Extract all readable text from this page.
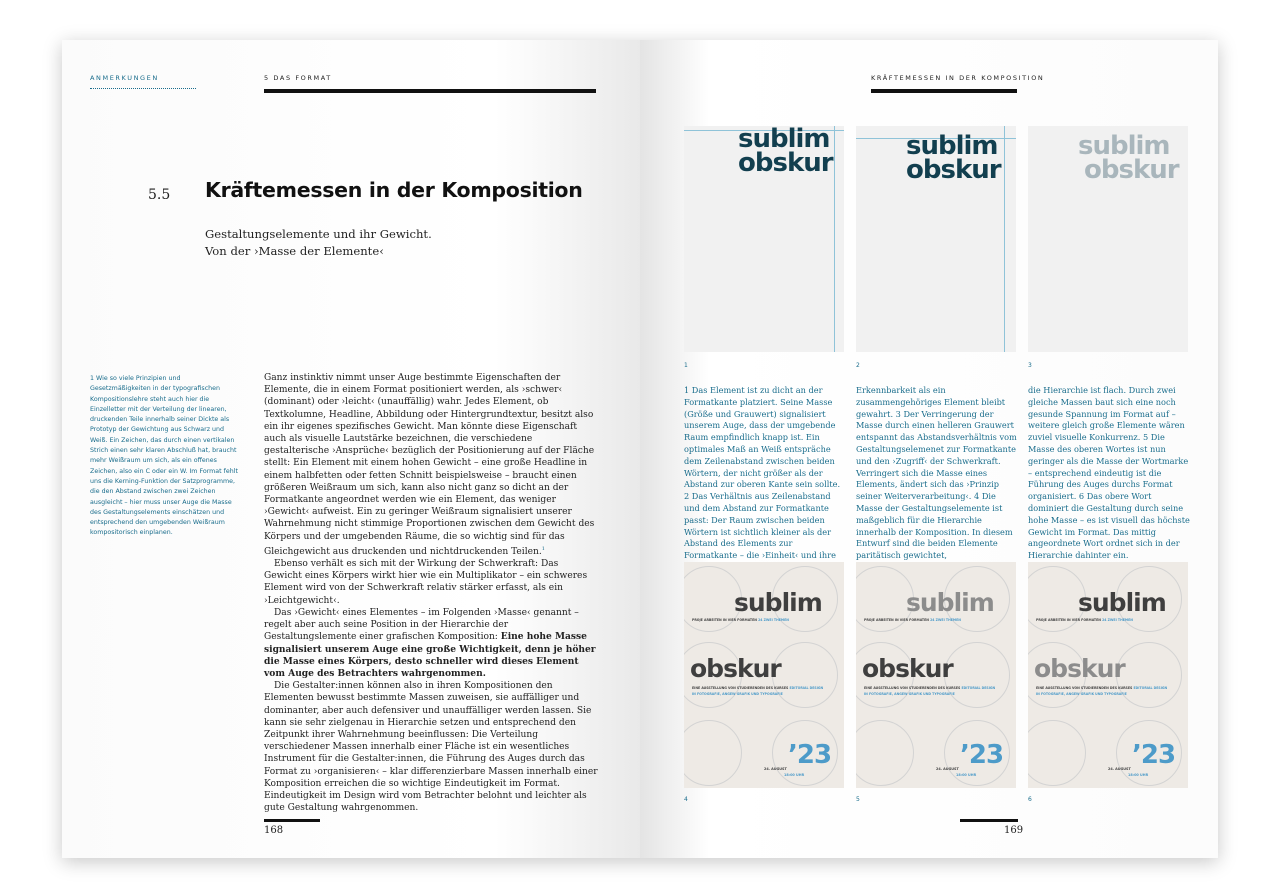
ANMERKUNGEN	5 DAS FORMAT
5.5 Kräftemessen in der Komposition
Gestaltungselemente und ihr Gewicht.
Von der ›Masse der Elemente‹
1 Wie so viele Prinzipien und Gesetzmäßigkeiten in der typografischen Kompositionslehre steht auch hier die Einzelletter mit der Verteilung der linearen, druckenden Teile innerhalb seiner Dickte als Prototyp der Gewichtung aus Schwarz und Weiß. Ein Zeichen, das durch einen vertikalen Strich einen sehr klaren Abschluß hat, braucht mehr Weißraum um sich, als ein offenes Zeichen, also ein C oder ein W. Im Format fehlt uns die Kerning-Funktion der Satzprogramme, die den Abstand zwischen zwei Zeichen ausgleicht – hier muss unser Auge die Masse des Gestaltungselements einschätzen und entsprechend den umgebenden Weißraum kompositorisch einplanen.

Ganz instinktiv nimmt unser Auge bestimmte Eigenschaften der Elemente, die in einem Format positioniert werden, als ›schwer‹ (dominant) oder ›leicht‹ (unauffällig) wahr. Jedes Element, ob Textkolumne, Headline, Abbildung oder Hintergrundtextur, besitzt also ein ihr eigenes spezifisches Gewicht. Man könnte diese Eigenschaft auch als visuelle Lautstärke bezeichnen, die verschiedene gestalterische ›Ansprüche‹ bezüglich der Positionierung auf der Fläche stellt: Ein Element mit einem hohen Gewicht – eine große Headline in einem halbfetten oder fetten Schnitt beispielsweise – braucht einen größeren Weißraum um sich, kann also nicht ganz so dicht an der Formatkante angeordnet werden wie ein Element, das weniger ›Gewicht‹ aufweist. Ein zu geringer Weißraum signalisiert unserer Wahrnehmung nicht stimmige Proportionen zwischen dem Gewicht des Körpers und der umgebenden Räume, die so wichtig sind für das Gleichgewicht aus druckenden und nichtdruckenden Teilen.$^1$

Ebenso verhält es sich mit der Wirkung der Schwerkraft: Das Gewicht eines Körpers wirkt hier wie ein Multiplikator – ein schweres Element wird von der Schwerkraft relativ stärker erfasst, als ein ›Leichtgewicht‹.

Das ›Gewicht‹ eines Elementes – im Folgenden ›Masse‹ genannt – regelt aber auch seine Position in der Hierarchie der Gestaltungslemente einer grafischen Komposition: Eine hohe Masse signalisiert unserem Auge eine große Wichtigkeit, denn je höher die Masse eines Körpers, desto schneller wird dieses Element vom Auge des Betrachters wahrgenommen.

Die Gestalter:innen können also in ihren Kompositionen den Elementen bewusst bestimmte Massen zuweisen, sie auffälliger und dominanter, aber auch defensiver und unauffälliger werden lassen. Sie kann sie sehr zielgenau in Hierarchie setzen und entsprechend den Zeitpunkt ihrer Wahrnehmung beeinflussen: Die Verteilung verschiedener Massen innerhalb einer Fläche ist ein wesentliches Instrument für die Gestalter:innen, die Führung des Auges durch das Format zu ›organisieren‹ – klar differenzierbare Massen innerhalb einer Komposition erreichen die so wichtige Eindeutigkeit im Format. Eindeutigkeit im Design wird vom Betrachter belohnt und leichter als gute Gestaltung wahrgenommen.

168
KRÄFTEMESSEN IN DER KOMPOSITION
sublim
obskur
sublim
obskur
sublim
obskur
1	2	3
1 Das Element ist zu dicht an der Formatkante platziert. Seine Masse (Größe und Grauwert) signalisiert unserem Auge, dass der umgebende Raum empfindlich knapp ist. Ein optimales Maß an Weiß entspräche dem Zeilenabstand zwischen beiden Wörtern, der nicht größer als der Abstand zur oberen Kante sein sollte. 2 Das Verhältnis aus Zeilenabstand und dem Abstand zur Formatkante passt: Der Raum zwischen beiden Wörtern ist sichtlich kleiner als der Abstand des Elements zur Formatkante – die ›Einheit‹ und ihre
Erkennbarkeit als ein zusammengehöriges Element bleibt gewahrt. 3 Der Verringerung der Masse durch einen helleren Grauwert entspannt das Abstandsverhältnis vom Gestaltungselemenet zur Formatkante und den ›Zugriff‹ der Schwerkraft. Verringert sich die Masse eines Elements, ändert sich das ›Prinzip seiner Weiterverarbeitung‹. 4 Die Masse der Gestaltungselemente ist maßgeblich für die Hierarchie innerhalb der Komposition. In diesem Entwurf sind die beiden Elemente paritätisch gewichtet,
die Hierarchie ist flach. Durch zwei gleiche Massen baut sich eine noch gesunde Spannung im Format auf – weitere gleich große Elemente wären zuviel visuelle Konkurrenz. 5 Die Masse des oberen Wortes ist nun geringer als die Masse der Wortmarke – entsprechend eindeutig ist die Führung des Auges durchs Format organisiert. 6 Das obere Wort dominiert die Gestaltung durch seine hohe Masse – es ist visuell das höchste Gewicht im Format. Das mittig angeordnete Wort ordnet sich in der Hierarchie dahinter ein.
sublim
PROJE ARBEITEN IN VIER FORMATEN 24 ZWEI THEMEN
obskur
EINE AUSSTELLUNG VON STUDIERENDEN DES KURSES EDITORIAL DESIGN
IN FOTOGRAFIE, ANGEW GRAFIK UND TYPOGRAFIE
’23
24. AUGUST
18:00 UHR
sublim
PROJE ARBEITEN IN VIER FORMATEN 24 ZWEI THEMEN
obskur
EINE AUSSTELLUNG VON STUDIERENDEN DES KURSES EDITORIAL DESIGN
IN FOTOGRAFIE, ANGEW GRAFIK UND TYPOGRAFIE
’23
24. AUGUST
18:00 UHR
sublim
PROJE ARBEITEN IN VIER FORMATEN 24 ZWEI THEMEN
obskur
EINE AUSSTELLUNG VON STUDIERENDEN DES KURSES EDITORIAL DESIGN
IN FOTOGRAFIE, ANGEW GRAFIK UND TYPOGRAFIE
’23
24. AUGUST
18:00 UHR
4	5	6
169
